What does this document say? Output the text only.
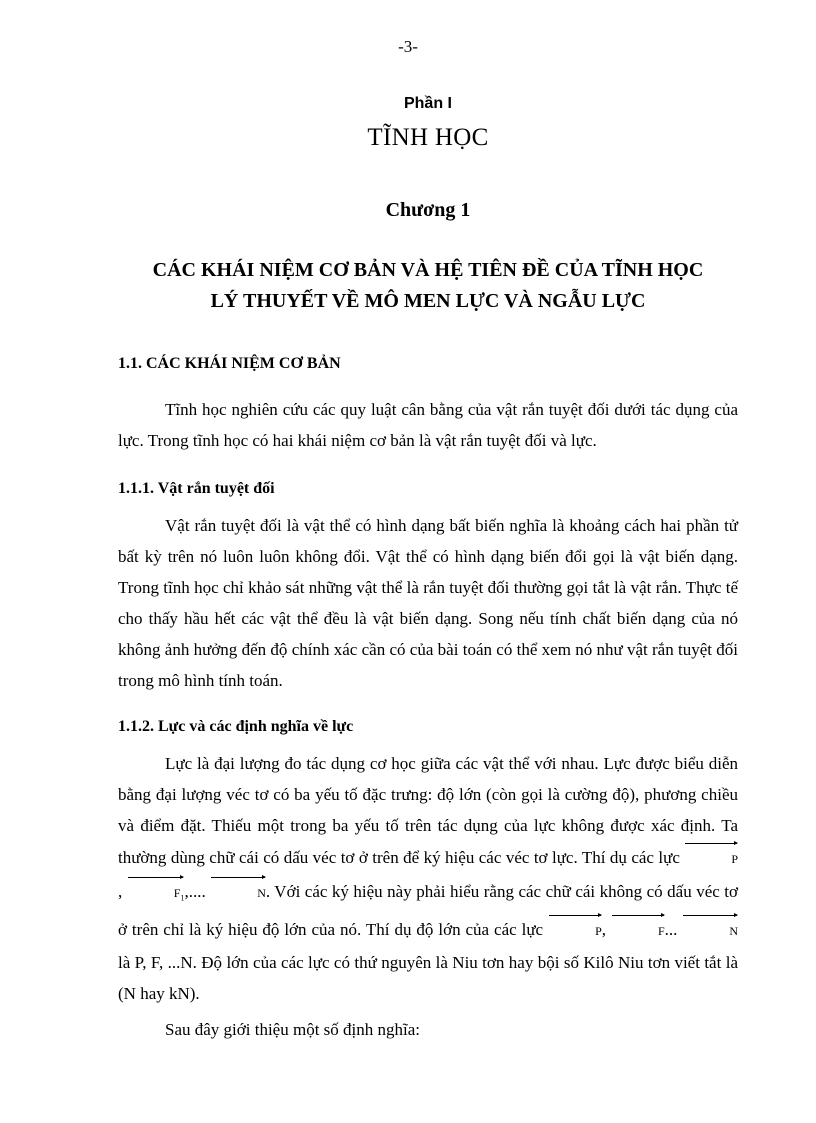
-3-
Phần I
TĨNH HỌC
Chương 1
CÁC KHÁI NIỆM CƠ BẢN VÀ HỆ TIÊN ĐỀ CỦA TĨNH HỌC
LÝ THUYẾT VỀ MÔ MEN LỰC VÀ NGẪU LỰC
1.1. CÁC KHÁI NIỆM CƠ BẢN

Tĩnh học nghiên cứu các quy luật cân bằng của vật rắn tuyệt đối dưới tác dụng của lực. Trong tĩnh học có hai khái niệm cơ bản là vật rắn tuyệt đối và lực.

1.1.1. Vật rắn tuyệt đối

Vật rắn tuyệt đối là vật thể có hình dạng bất biến nghĩa là khoảng cách hai phần tử bất kỳ trên nó luôn luôn không đổi. Vật thể có hình dạng biến đổi gọi là vật biến dạng. Trong tĩnh học chỉ khảo sát những vật thể là rắn tuyệt đối thường gọi tắt là vật rắn. Thực tế cho thấy hầu hết các vật thể đều là vật biến dạng. Song nếu tính chất biến dạng của nó không ảnh hưởng đến độ chính xác cần có của bài toán có thể xem nó như vật rắn tuyệt đối trong mô hình tính toán.

1.1.2. Lực và các định nghĩa về lực

Lực là đại lượng đo tác dụng cơ học giữa các vật thể với nhau. Lực được biểu diễn bằng đại lượng véc tơ có ba yếu tố đặc trưng: độ lớn (còn gọi là cường độ), phương chiều và điểm đặt. Thiếu một trong ba yếu tố trên tác dụng của lực không được xác định. Ta thường dùng chữ cái có dấu véc tơ ở trên để ký hiệu các véc tơ lực. Thí dụ các lực	P,	$F_1$,....	N. Với các ký hiệu này phải hiểu rằng các chữ cái không có dấu véc tơ ở trên chỉ là ký hiệu độ lớn của nó. Thí dụ độ lớn của các lực	P,	F...	N là P, F, ...N. Độ lớn của các lực có thứ nguyên là Niu tơn hay bội số Kilô Niu tơn viết tắt là (N hay kN).

Sau đây giới thiệu một số định nghĩa:
